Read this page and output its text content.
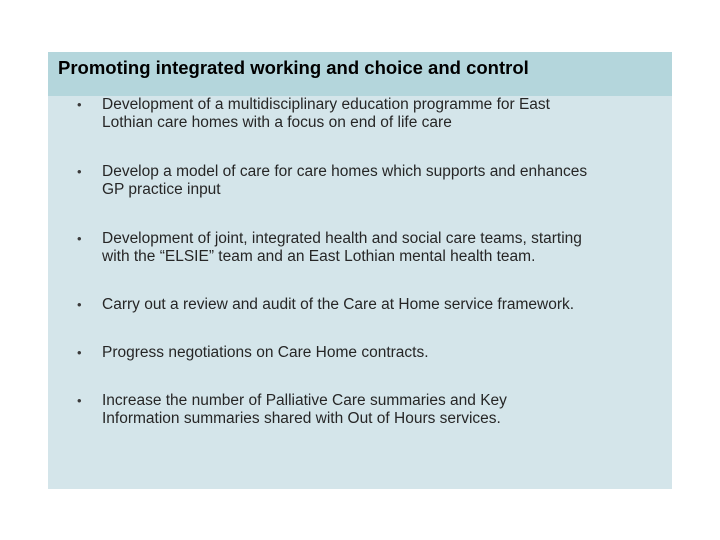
Promoting integrated working and choice and control
• Development of a multidisciplinary education programme for East
Lothian care homes with a focus on end of life care
• Develop a model of care for care homes which supports and enhances
GP practice input
• Development of joint, integrated health and social care teams, starting
with the “ELSIE” team and an East Lothian mental health team.
• Carry out a review and audit of the Care at Home service framework.
• Progress negotiations on Care Home contracts.
• Increase the number of Palliative Care summaries and Key
Information summaries shared with Out of Hours services.
